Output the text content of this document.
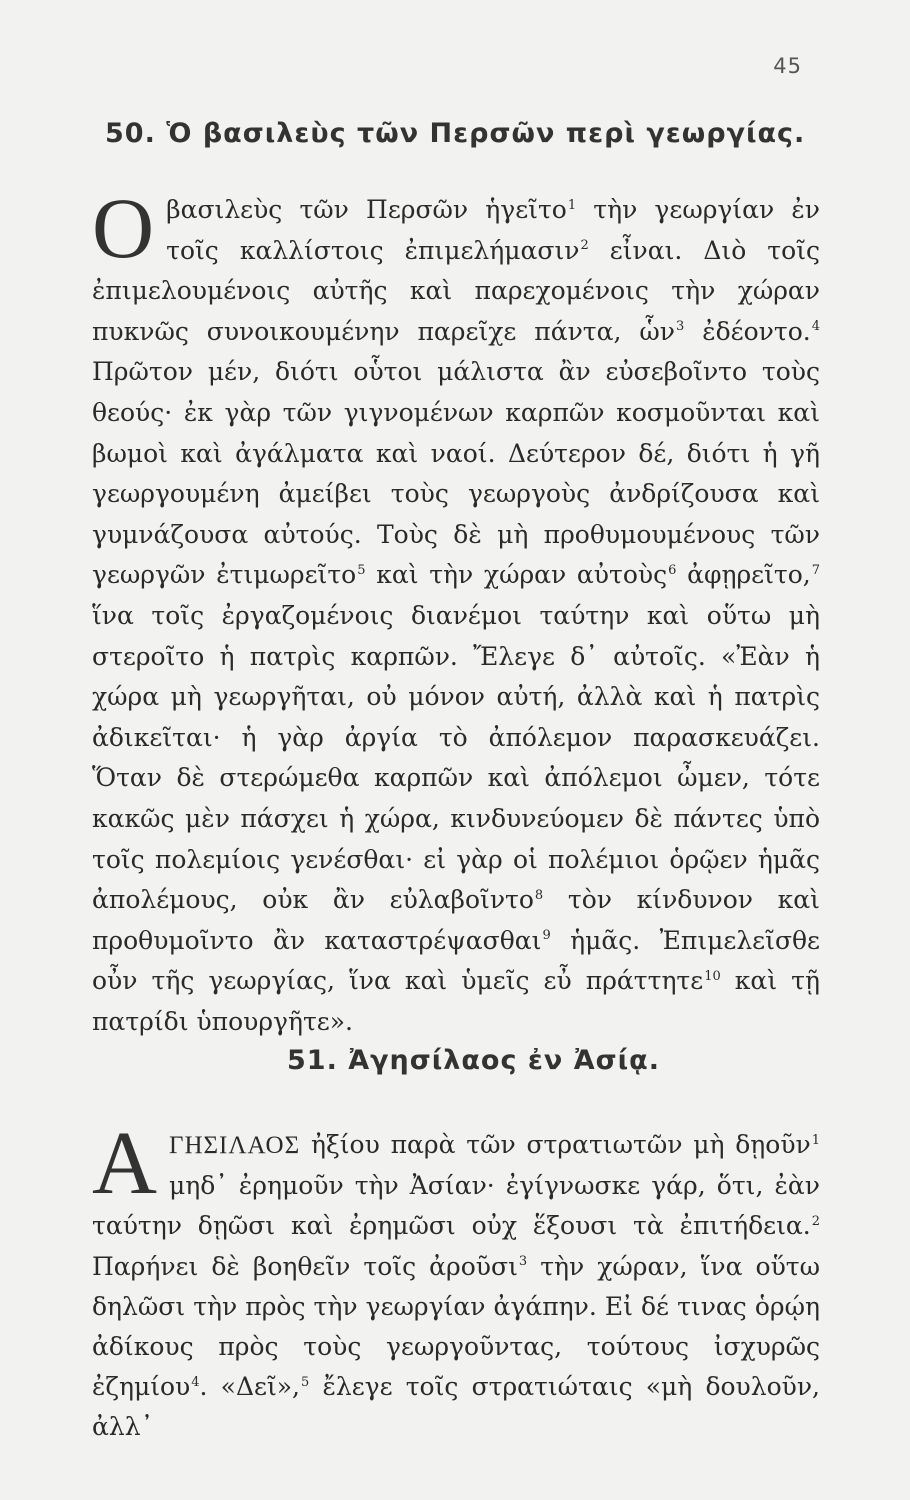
45
50. Ὁ βασιλεὺς τῶν Περσῶν περὶ γεωργίας.

Ο βασιλεὺς τῶν Περσῶν ἡγεῖτο$^1$ τὴν γεωργίαν ἐν τοῖς καλλίστοις ἐπιμελήμασιν$^2$ εἶναι. Διὸ τοῖς ἐπιμελουμένοις αὐτῆς καὶ παρεχομένοις τὴν χώραν πυκνῶς συνοικουμένην παρεῖχε πάντα, ὧν$^3$ ἐδέοντο.$^4$ Πρῶτον μέν, διότι οὗτοι μάλιστα ἂν εὐσεβοῖντο τοὺς θεούς· ἐκ γὰρ τῶν γιγνομένων καρπῶν κοσμοῦνται καὶ βωμοὶ καὶ ἀγάλματα καὶ ναοί. Δεύτερον δέ, διότι ἡ γῆ γεωργουμένη ἀμείβει τοὺς γεωργοὺς ἀνδρίζουσα καὶ γυμνάζουσα αὐτούς. Τοὺς δὲ μὴ προθυμουμένους τῶν γεωργῶν ἐτιμωρεῖτο$^5$ καὶ τὴν χώραν αὐτοὺς$^6$ ἀφῃρεῖτο,$^7$ ἵνα τοῖς ἐργαζομένοις διανέμοι ταύτην καὶ οὕτω μὴ στεροῖτο ἡ πατρὶς καρπῶν. Ἔλεγε δ᾽ αὐτοῖς. «Ἐὰν ἡ χώρα μὴ γεωργῆται, οὐ μόνον αὐτή, ἀλλὰ καὶ ἡ πατρὶς ἀδικεῖται· ἡ γὰρ ἀργία τὸ ἀπόλεμον παρασκευάζει. Ὅταν δὲ στερώμεθα καρπῶν καὶ ἀπόλεμοι ὦμεν, τότε κακῶς μὲν πάσχει ἡ χώρα, κινδυνεύομεν δὲ πάντες ὑπὸ τοῖς πολεμίοις γενέσθαι· εἰ γὰρ οἱ πολέμιοι ὁρῷεν ἡμᾶς ἀπολέμους, οὐκ ἂν εὐλαβοῖντο$^8$ τὸν κίνδυνον καὶ προθυμοῖντο ἂν καταστρέψασθαι$^9$ ἡμᾶς. Ἐπιμελεῖσθε οὖν τῆς γεωργίας, ἵνα καὶ ὑμεῖς εὖ πράττητε$^{10}$ καὶ τῇ πατρίδι ὑπουργῆτε».

51. Ἀγησίλαος ἐν Ἀσίᾳ.

Α ΓΗΣΙΛΑΟΣ ἠξίου παρὰ τῶν στρατιωτῶν μὴ δῃοῦν$^1$ μηδ᾽ ἐρημοῦν τὴν Ἀσίαν· ἐγίγνωσκε γάρ, ὅτι, ἐὰν ταύτην δῃῶσι καὶ ἐρημῶσι οὐχ ἕξουσι τὰ ἐπιτήδεια.$^2$ Παρήνει δὲ βοηθεῖν τοῖς ἀροῦσι$^3$ τὴν χώραν, ἵνα οὕτω δηλῶσι τὴν πρὸς τὴν γεωργίαν ἀγάπην. Εἰ δέ τινας ὁρῴη ἀδίκους πρὸς τοὺς γεωργοῦντας, τούτους ἰσχυρῶς ἐζημίου$^4$. «Δεῖ»,$^5$ ἔλεγε τοῖς στρατιώταις «μὴ δουλοῦν, ἀλλ᾽
